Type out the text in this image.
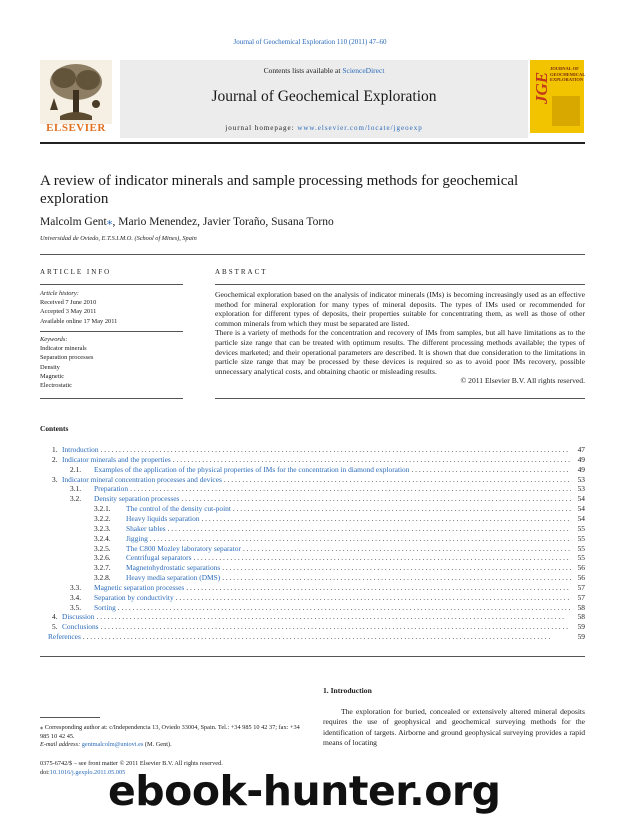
Journal of Geochemical Exploration 110 (2011) 47–60
ELSEVIER
Contents lists available at ScienceDirect
Journal of Geochemical Exploration
journal homepage: www.elsevier.com/locate/jgeoexp
JGE
JOURNAL OF GEOCHEMICAL EXPLORATION
A review of indicator minerals and sample processing methods for geochemical exploration
Malcolm Gent⁎, Mario Menendez, Javier Toraño, Susana Torno
Universidad de Oviedo, E.T.S.I.M.O. (School of Mines), Spain
ARTICLE INFO
Article history:
Received 7 June 2010
Accepted 3 May 2011
Available online 17 May 2011
Keywords:
Indicator minerals
Separation processes
Density
Magnetic
Electrostatic
ABSTRACT

Geochemical exploration based on the analysis of indicator minerals (IMs) is becoming increasingly used as an effective method for mineral exploration for many types of mineral deposits. The types of IMs used or recommended for exploration for different types of deposits, their properties suitable for concentrating them, as well as those of other common minerals from which they must be separated are listed.

There is a variety of methods for the concentration and recovery of IMs from samples, but all have limitations as to the particle size range that can be treated with optimum results. The different processing methods available; the types of devices marketed; and their operational parameters are described. It is shown that due consideration to the limitations in particle size range that may be processed by these devices is required so as to avoid poor IMs recovery, possible unnecessary analytical costs, and obtaining chaotic or misleading results.

© 2011 Elsevier B.V. All rights reserved.

Contents
1. Introduction . . .	47
2. Indicator minerals and the properties . . .	49
2.1.	Examples of the application of the physical properties of IMs for the concentration in diamond exploration . . .	49
3. Indicator mineral concentration processes and devices . . .	53
3.1.	Preparation . . .	53
3.2.	Density separation processes . . .	54
3.2.1.	The control of the density cut-point . . .	54
3.2.2.	Heavy liquids separation . . .	54
3.2.3.	Shaker tables . . .	55
3.2.4.	Jigging . . .	55
3.2.5.	The C800 Mozley laboratory separator . . .	55
3.2.6.	Centrifugal separators . . .	55
3.2.7.	Magnetohydrostatic separations . . .	56
3.2.8.	Heavy media separation (DMS) . . .	56
3.3.	Magnetic separation processes . . .	57
3.4.	Separation by conductivity . . .	57
3.5.	Sorting . . .	58
4. Discussion . . .	58
5. Conclusions . . .	59
References . . .	59
1. Introduction
The exploration for buried, concealed or extensively altered mineral deposits requires the use of geophysical and geochemical surveying methods for the identification of targets. Airborne and ground geophysical surveying provides a rapid means of locating
⁎ Corresponding author at: c/Independencia 13, Oviedo 33004, Spain. Tel.: +34 985 10 42 37; fax: +34 985 10 42 45.
E-mail address: gentmalcolm@uniovi.es (M. Gent).
0375-6742/$ – see front matter © 2011 Elsevier B.V. All rights reserved.
doi:10.1016/j.gexplo.2011.05.005
ebook-hunter.org
